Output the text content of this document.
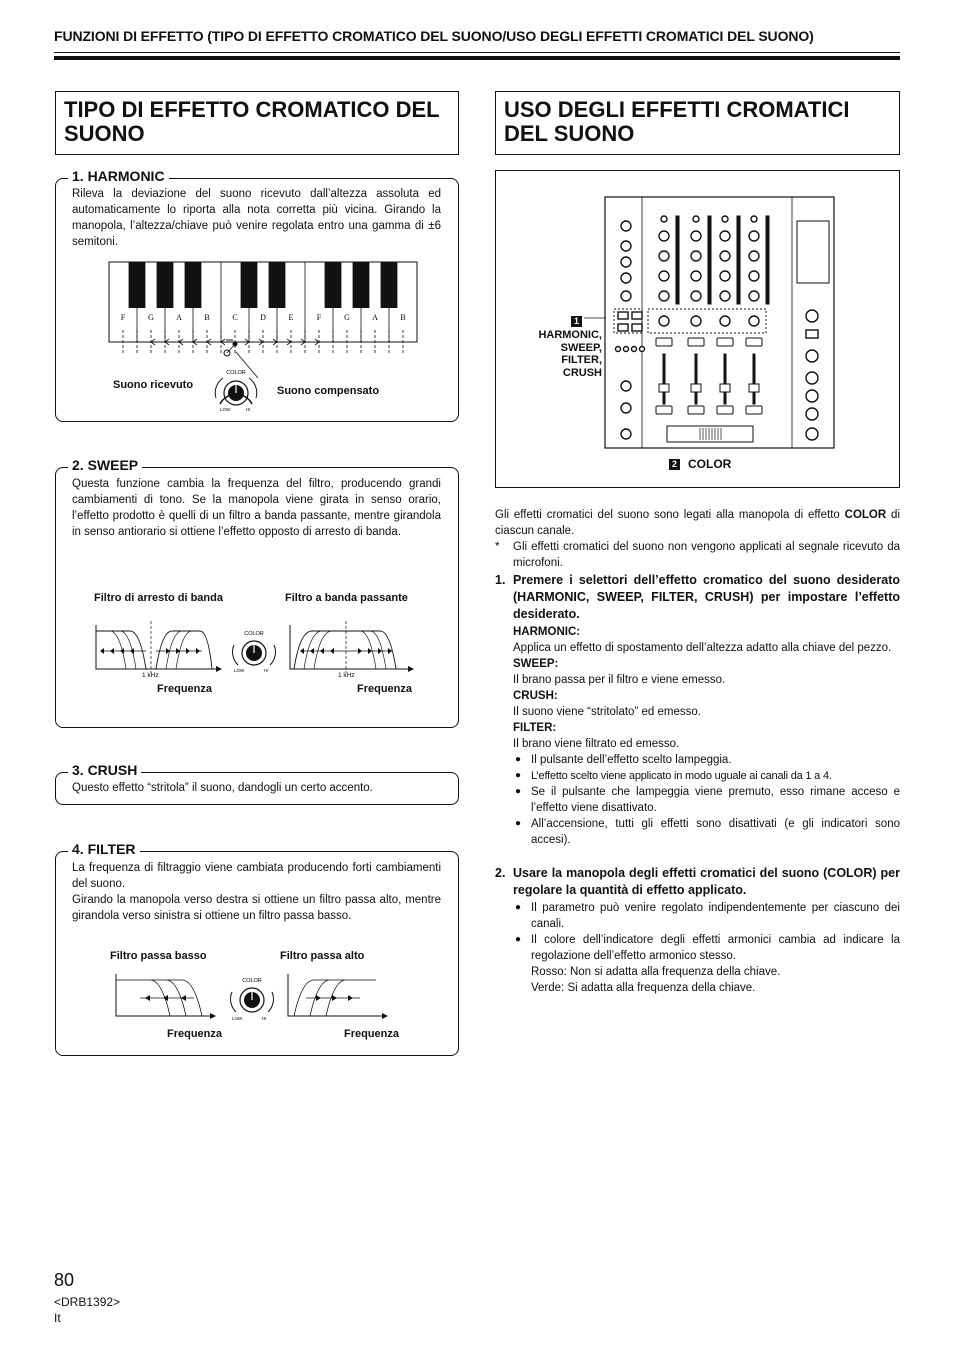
FUNZIONI DI EFFETTO (TIPO DI EFFETTO CROMATICO DEL SUONO/USO DEGLI EFFETTI CROMATICI DEL SUONO)
TIPO DI EFFETTO CROMATICO DEL SUONO
1. HARMONIC
Rileva la deviazione del suono ricevuto dall’altezza assoluta ed automaticamente lo riporta alla nota corretta più vicina. Girando la manopola, l’altezza/chiave può venire regolata entro una gamma di ±6 semitoni.
F	G	A	B	C	D	E	F	G	A	B
COLOR
LOW	HI
Suono ricevuto	Suono compensato
2. SWEEP
Questa funzione cambia la frequenza del filtro, producendo grandi cambiamenti di tono. Se la manopola viene girata in senso orario, l’effetto prodotto è quelli di un filtro a banda passante, mentre girandola in senso antiorario si ottiene l’effetto opposto di arresto di banda.
Filtro di arresto di banda	Filtro a banda passante
1 kHz
COLOR
LOW	HI
1 kHz
Frequenza	Frequenza
3. CRUSH
Questo effetto “stritola” il suono, dandogli un certo accento.
4. FILTER
La frequenza di filtraggio viene cambiata producendo forti cambiamenti del suono.
Girando la manopola verso destra si ottiene un filtro passa alto, mentre girandola verso sinistra si ottiene un filtro passa basso.
Filtro passa basso	Filtro passa alto
COLOR
LOW	HI
Frequenza	Frequenza
USO DEGLI EFFETTI CROMATICI DEL SUONO
1
HARMONIC,
SWEEP,
FILTER,
CRUSH
2 COLOR
Gli effetti cromatici del suono sono legati alla manopola di effetto COLOR di ciascun canale.
*	Gli effetti cromatici del suono non vengono applicati al segnale ricevuto da microfoni.
1. Premere i selettori dell’effetto cromatico del suono desiderato (HARMONIC, SWEEP, FILTER, CRUSH) per impostare l’effetto desiderato.
HARMONIC:
Applica un effetto di spostamento dell’altezza adatto alla chiave del pezzo.
SWEEP:
Il brano passa per il filtro e viene emesso.
CRUSH:
Il suono viene “stritolato” ed emesso.
FILTER:
Il brano viene filtrato ed emesso.
● Il pulsante dell’effetto scelto lampeggia.
● L’effetto scelto viene applicato in modo uguale ai canali da 1 a 4.
● Se il pulsante che lampeggia viene premuto, esso rimane acceso e l’effetto viene disattivato.
● All’accensione, tutti gli effetti sono disattivati (e gli indicatori sono accesi).
2. Usare la manopola degli effetti cromatici del suono (COLOR) per regolare la quantità di effetto applicato.
● Il parametro può venire regolato indipendentemente per ciascuno dei canali.
● Il colore dell’indicatore degli effetti armonici cambia ad indicare la regolazione dell’effetto armonico stesso.
Rosso: Non si adatta alla frequenza della chiave.
Verde: Si adatta alla frequenza della chiave.
80
<DRB1392>
It
